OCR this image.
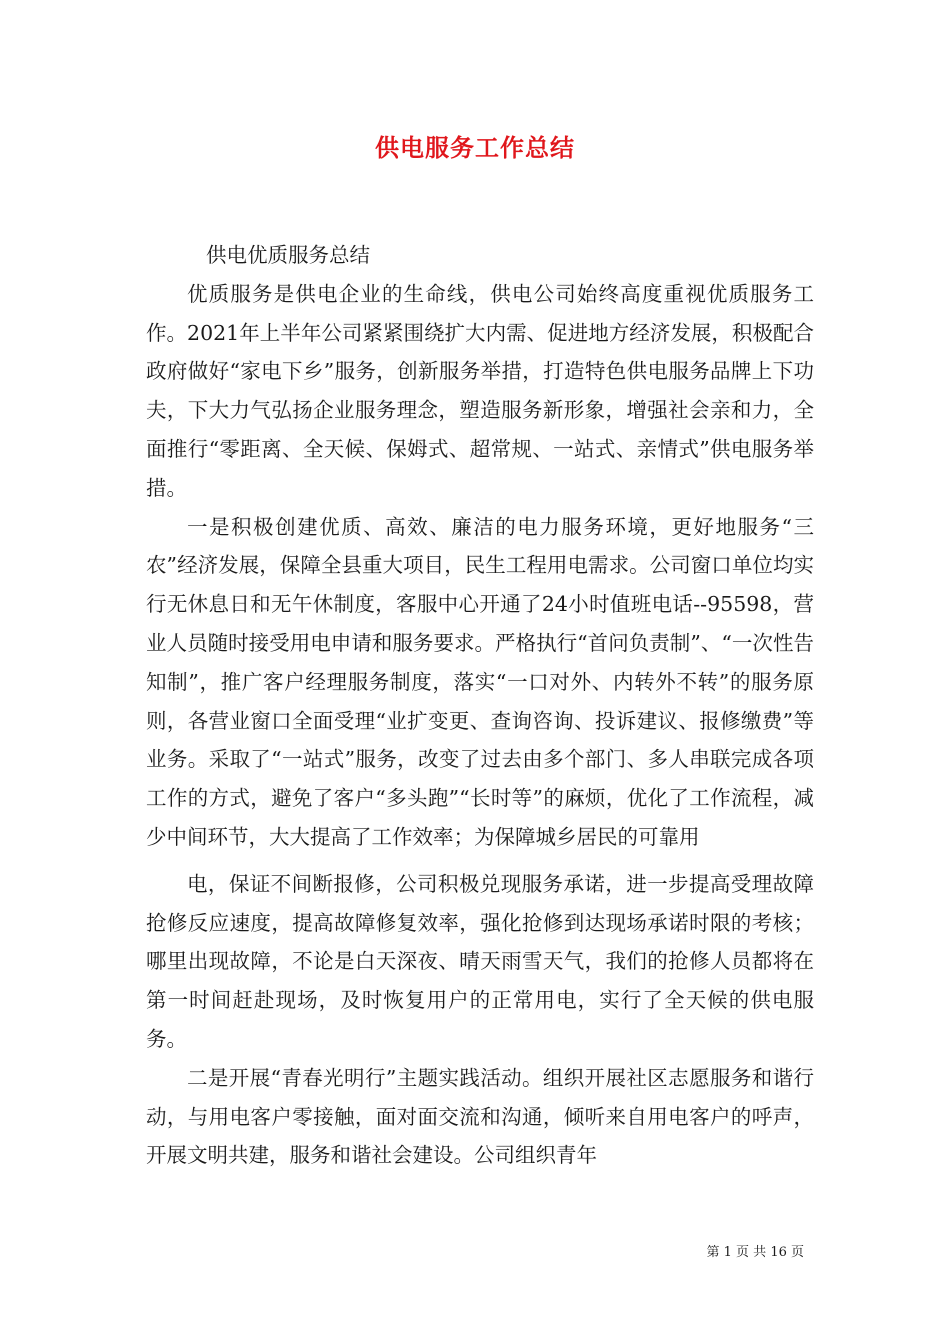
供电服务工作总结

供电优质服务总结

优质服务是供电企业的生命线，供电公司始终高度重视优质服务工作。2021年上半年公司紧紧围绕扩大内需、促进地方经济发展，积极配合政府做好“家电下乡”服务，创新服务举措，打造特色供电服务品牌上下功夫，下大力气弘扬企业服务理念，塑造服务新形象，增强社会亲和力，全面推行“零距离、全天候、保姆式、超常规、一站式、亲情式”供电服务举措。

一是积极创建优质、高效、廉洁的电力服务环境，更好地服务“三农”经济发展，保障全县重大项目，民生工程用电需求。公司窗口单位均实行无休息日和无午休制度，客服中心开通了24小时值班电话--95598，营业人员随时接受用电申请和服务要求。严格执行“首问负责制”、“一次性告知制”，推广客户经理服务制度，落实“一口对外、内转外不转”的服务原则，各营业窗口全面受理“业扩变更、查询咨询、投诉建议、报修缴费”等业务。采取了“一站式”服务，改变了过去由多个部门、多人串联完成各项工作的方式，避免了客户“多头跑”“长时等”的麻烦，优化了工作流程，减少中间环节，大大提高了工作效率；为保障城乡居民的可靠用

电，保证不间断报修，公司积极兑现服务承诺，进一步提高受理故障抢修反应速度，提高故障修复效率，强化抢修到达现场承诺时限的考核；哪里出现故障，不论是白天深夜、晴天雨雪天气，我们的抢修人员都将在第一时间赶赴现场，及时恢复用户的正常用电，实行了全天候的供电服务。

二是开展“青春光明行”主题实践活动。组织开展社区志愿服务和谐行动，与用电客户零接触，面对面交流和沟通，倾听来自用电客户的呼声，开展文明共建，服务和谐社会建设。公司组织青年

第 1 页 共 16 页
